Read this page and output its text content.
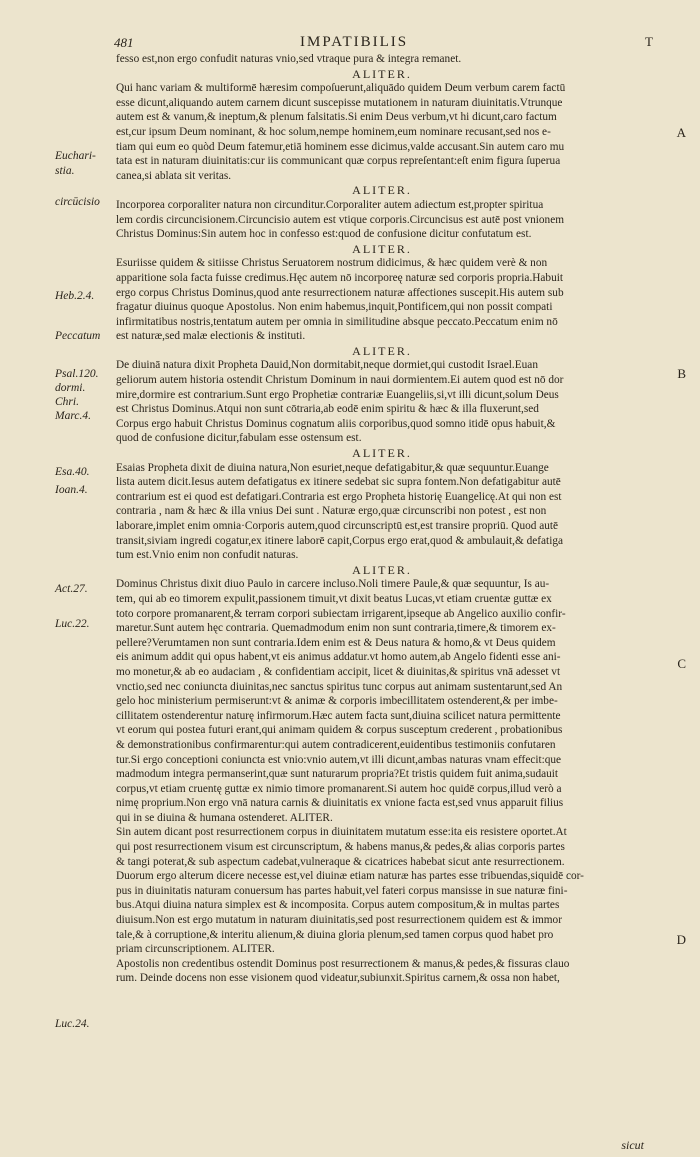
481	IMPATIBILIS	T
fesso est,non ergo confudit naturas vnio,sed vtraque pura & integra remanet.
ALITER.
Qui hanc variam & multiformē hæresim compoſuerunt,aliquādo quidem Deum verbum carem factū
esse dicunt,aliquando autem carnem dicunt suscepisse mutationem in naturam diuinitatis.Vtrunque
autem est & vanum,& ineptum,& plenum falsitatis.Si enim Deus verbum,vt hi dicunt,caro factum
est,cur ipsum Deum nominant, & hoc solum,nempe hominem,eum nominare recusant,sed nos e-
tiam qui eum eo quòd Deum fatemur,etiā hominem esse dicimus,valde accusant.Sin autem caro mu
tata est in naturam diuinitatis:cur iis communicant quæ corpus repreſentant:eſt enim figura ſuperua
canea,si ablata sit veritas.
ALITER.
Incorporea corporaliter natura non circunditur.Corporaliter autem adiectum est,propter spiritua
lem cordis circuncisionem.Circuncisio autem est vtique corporis.Circuncisus est autē post vnionem
Christus Dominus:Sin autem hoc in confesso est:quod de confusione dicitur confutatum est.
ALITER.
Esuriisse quidem & sitiisse Christus Seruatorem nostrum didicimus, & hæc quidem verè & non
apparitione sola facta fuisse credimus.Hęc autem nō incorporeę naturæ sed corporis propria.Habuit
ergo corpus Christus Dominus,quod ante resurrectionem naturæ affectiones suscepit.His autem sub
fragatur diuinus quoque Apostolus. Non enim habemus,inquit,Pontificem,qui non possit compati
infirmitatibus nostris,tentatum autem per omnia in similitudine absque peccato.Peccatum enim nō
est naturæ,sed malæ electionis & instituti.
ALITER.
De diuinā natura dixit Propheta Dauid,Non dormitabit,neque dormiet,qui custodit Israel.Euan
geliorum autem historia ostendit Christum Dominum in naui dormientem.Ei autem quod est nō dor
mire,dormire est contrarium.Sunt ergo Prophetiæ contrariæ Euangeliis,si,vt illi dicunt,solum Deus
est Christus Dominus.Atqui non sunt cōtraria,ab eodē enim spiritu & hæc & illa fluxerunt,sed
Corpus ergo habuit Christus Dominus cognatum aliis corporibus,quod somno itidē opus habuit,&
quod de confusione dicitur,fabulam esse ostensum est.
ALITER.
Esaias Propheta dixit de diuina natura,Non esuriet,neque defatigabitur,& quæ sequuntur.Euange
lista autem dicit.Iesus autem defatigatus ex itinere sedebat sic supra fontem.Non defatigabitur autē
contrarium est ei quod est defatigari.Contraria est ergo Propheta historię Euangelicę.At qui non est
contraria , nam & hæc & illa vnius Dei sunt . Naturæ ergo,quæ circunscribi non potest , est non
laborare,implet enim omnia·Corporis autem,quod circunscriptū est,est transire propriū. Quod autē
transit,siviam ingredi cogatur,ex itinere laborē capit,Corpus ergo erat,quod & ambulauit,& defatiga
tum est.Vnio enim non confudit naturas.
ALITER.
Dominus Christus dixit diuo Paulo in carcere incluso.Noli timere Paule,& quæ sequuntur, Is au-
tem, qui ab eo timorem expulit,passionem timuit,vt dixit beatus Lucas,vt etiam cruentæ guttæ ex
toto corpore promanarent,& terram corpori subiectam irrigarent,ipseque ab Angelico auxilio confir-
maretur.Sunt autem hęc contraria. Quemadmodum enim non sunt contraria,timere,& timorem ex-
pellere?Verumtamen non sunt contraria.Idem enim est & Deus natura & homo,& vt Deus quidem
eis animum addit qui opus habent,vt eis animus addatur.vt homo autem,ab Angelo fidenti esse ani-
mo monetur,& ab eo audaciam , & confidentiam accipit, licet & diuinitas,& spiritus vnā adesset vt
vnctio,sed nec coniuncta diuinitas,nec sanctus spiritus tunc corpus aut animam sustentarunt,sed An
gelo hoc ministerium permiserunt:vt & animæ & corporis imbecillitatem ostenderent,& per imbe-
cillitatem ostenderentur naturę infirmorum.Hæc autem facta sunt,diuina scilicet natura permittente
vt eorum qui postea futuri erant,qui animam quidem & corpus susceptum crederent , probationibus
& demonstrationibus confirmarentur:qui autem contradicerent,euidentibus testimoniis confutaren
tur.Si ergo conceptioni coniuncta est vnio:vnio autem,vt illi dicunt,ambas naturas vnam effecit:que
madmodum integra permanserint,quæ sunt naturarum propria?Et tristis quidem fuit anima,sudauit
corpus,vt etiam cruentę guttæ ex nimio timore promanarent.Si autem hoc quidē corpus,illud verò a
nimę proprium.Non ergo vnā natura carnis & diuinitatis ex vnione facta est,sed vnus apparuit filius
qui in se diuina & humana ostenderet. ALITER.
Sin autem dicant post resurrectionem corpus in diuinitatem mutatum esse:ita eis resistere oportet.At
qui post resurrectionem visum est circunscriptum, & habens manus,& pedes,& alias corporis partes
& tangi poterat,& sub aspectum cadebat,vulneraque & cicatrices habebat sicut ante resurrectionem.
Duorum ergo alterum dicere necesse est,vel diuinæ etiam naturæ has partes esse tribuendas,siquidē cor-
pus in diuinitatis naturam conuersum has partes habuit,vel fateri corpus mansisse in sue naturæ fini-
bus.Atqui diuina natura simplex est & incomposita. Corpus autem compositum,& in multas partes
diuisum.Non est ergo mutatum in naturam diuinitatis,sed post resurrectionem quidem est & immor
tale,& à corruptione,& interitu alienum,& diuina gloria plenum,sed tamen corpus quod habet pro
priam circunscriptionem. ALITER.
Apostolis non credentibus ostendit Dominus post resurrectionem & manus,& pedes,& fissuras clauo
rum. Deinde docens non esse visionem quod videatur,subiunxit.Spiritus carnem,& ossa non habet,
Euchari-
stia.
circūcisio
Heb.2.4.
Peccatum
Psal.120.
dormi.
Chri.
Marc.4.
Esa.40.
Ioan.4.
Act.27.
Luc.22.
Luc.24.
A
B
C
D
sicut
